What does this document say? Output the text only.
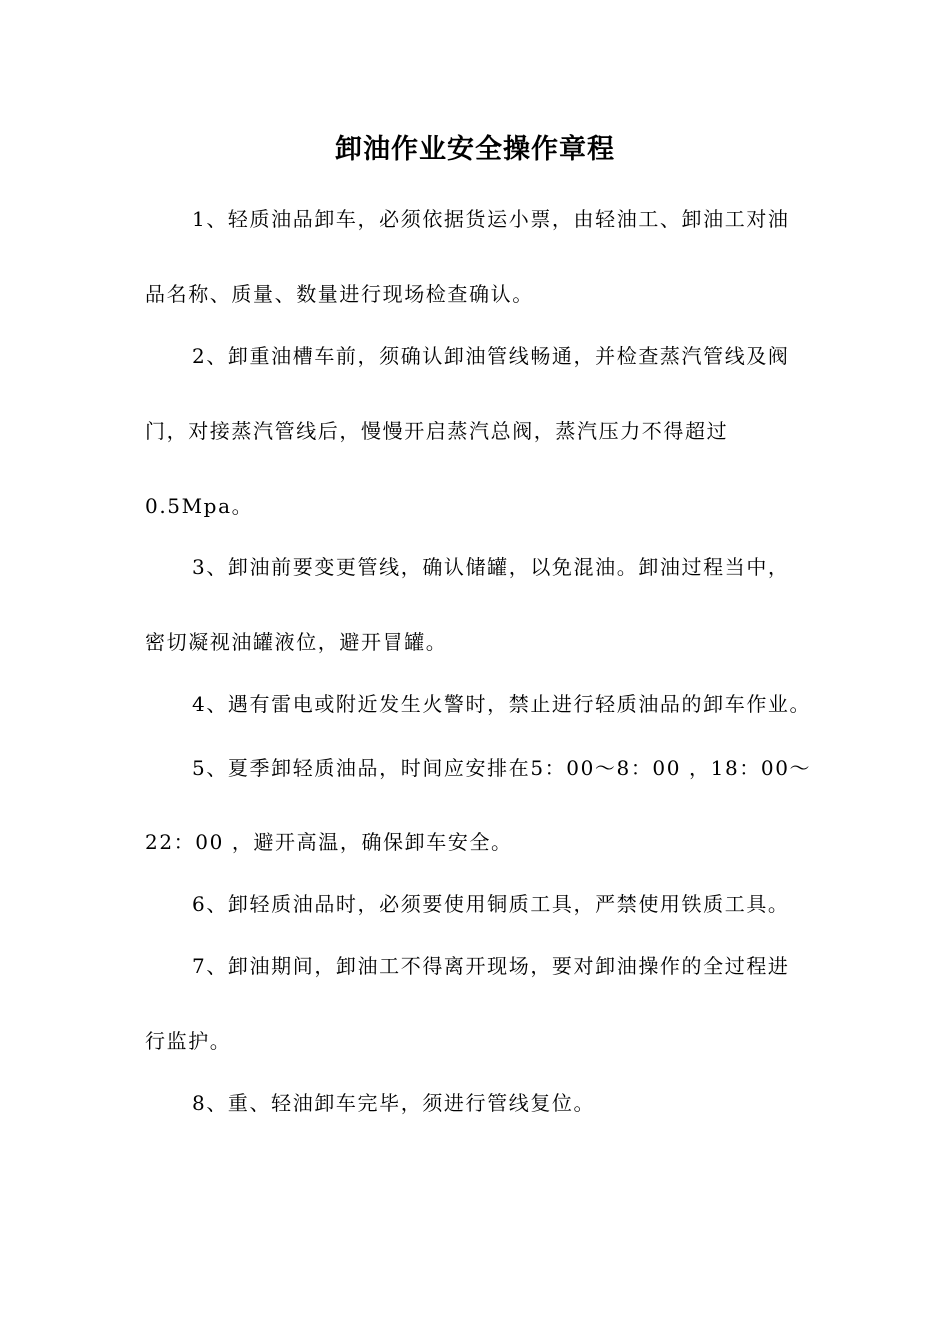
卸油作业安全操作章程
1、轻质油品卸车，必须依据货运小票，由轻油工、卸油工对油
品名称、质量、数量进行现场检查确认。
2、卸重油槽车前，须确认卸油管线畅通，并检查蒸汽管线及阀
门，对接蒸汽管线后，慢慢开启蒸汽总阀，蒸汽压力不得超过
0.5Mpa。
3、卸油前要变更管线，确认储罐，以免混油。卸油过程当中，
密切凝视油罐液位，避开冒罐。
4、遇有雷电或附近发生火警时，禁止进行轻质油品的卸车作业。
5、夏季卸轻质油品，时间应安排在5：00～8：00 ，18：00～
22：00 ，避开高温，确保卸车安全。
6、卸轻质油品时，必须要使用铜质工具，严禁使用铁质工具。
7、卸油期间，卸油工不得离开现场，要对卸油操作的全过程进
行监护。
8、重、轻油卸车完毕，须进行管线复位。
